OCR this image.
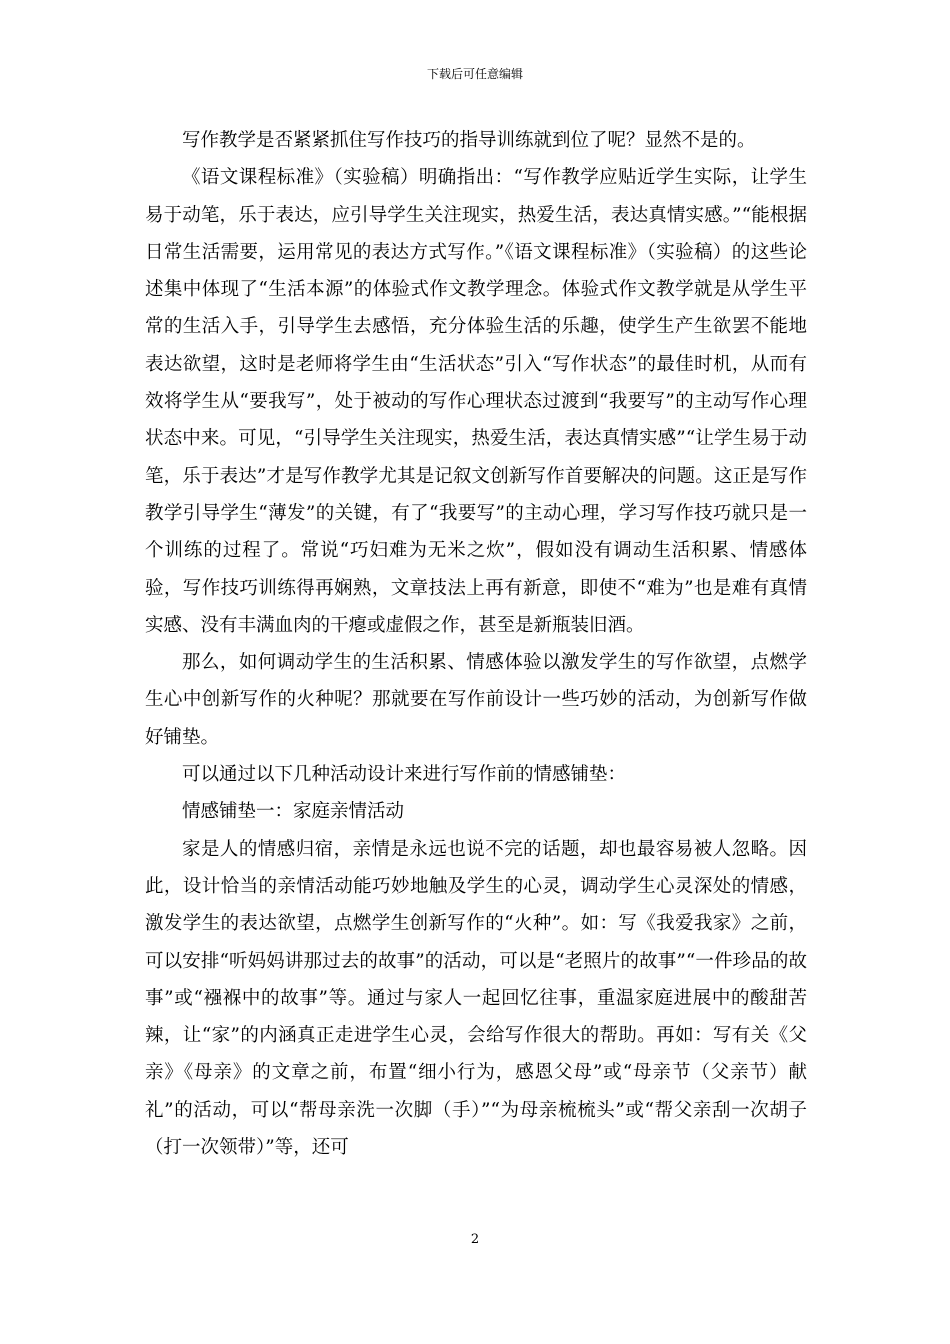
下载后可任意编辑

写作教学是否紧紧抓住写作技巧的指导训练就到位了呢？显然不是的。

《语文课程标准》（实验稿）明确指出：“写作教学应贴近学生实际，让学生易于动笔，乐于表达，应引导学生关注现实，热爱生活，表达真情实感。”“能根据日常生活需要，运用常见的表达方式写作。”《语文课程标准》（实验稿）的这些论述集中体现了“生活本源”的体验式作文教学理念。体验式作文教学就是从学生平常的生活入手，引导学生去感悟，充分体验生活的乐趣，使学生产生欲罢不能地表达欲望，这时是老师将学生由“生活状态”引入“写作状态”的最佳时机，从而有效将学生从“要我写”，处于被动的写作心理状态过渡到“我要写”的主动写作心理状态中来。可见，“引导学生关注现实，热爱生活，表达真情实感”“让学生易于动笔，乐于表达”才是写作教学尤其是记叙文创新写作首要解决的问题。这正是写作教学引导学生“薄发”的关键，有了“我要写”的主动心理，学习写作技巧就只是一个训练的过程了。常说“巧妇难为无米之炊”，假如没有调动生活积累、情感体验，写作技巧训练得再娴熟，文章技法上再有新意，即使不“难为”也是难有真情实感、没有丰满血肉的干瘪或虚假之作，甚至是新瓶装旧酒。

那么，如何调动学生的生活积累、情感体验以激发学生的写作欲望，点燃学生心中创新写作的火种呢？那就要在写作前设计一些巧妙的活动，为创新写作做好铺垫。

可以通过以下几种活动设计来进行写作前的情感铺垫：

情感铺垫一：家庭亲情活动

家是人的情感归宿，亲情是永远也说不完的话题，却也最容易被人忽略。因此，设计恰当的亲情活动能巧妙地触及学生的心灵，调动学生心灵深处的情感，激发学生的表达欲望，点燃学生创新写作的“火种”。如：写《我爱我家》之前，可以安排“听妈妈讲那过去的故事”的活动，可以是“老照片的故事”“一件珍品的故事”或“襁褓中的故事”等。通过与家人一起回忆往事，重温家庭进展中的酸甜苦辣，让“家”的内涵真正走进学生心灵，会给写作很大的帮助。再如：写有关《父亲》《母亲》的文章之前，布置“细小行为，感恩父母”或“母亲节（父亲节）献礼”的活动，可以“帮母亲洗一次脚（手）”“为母亲梳梳头”或“帮父亲刮一次胡子（打一次领带）”等，还可

2
